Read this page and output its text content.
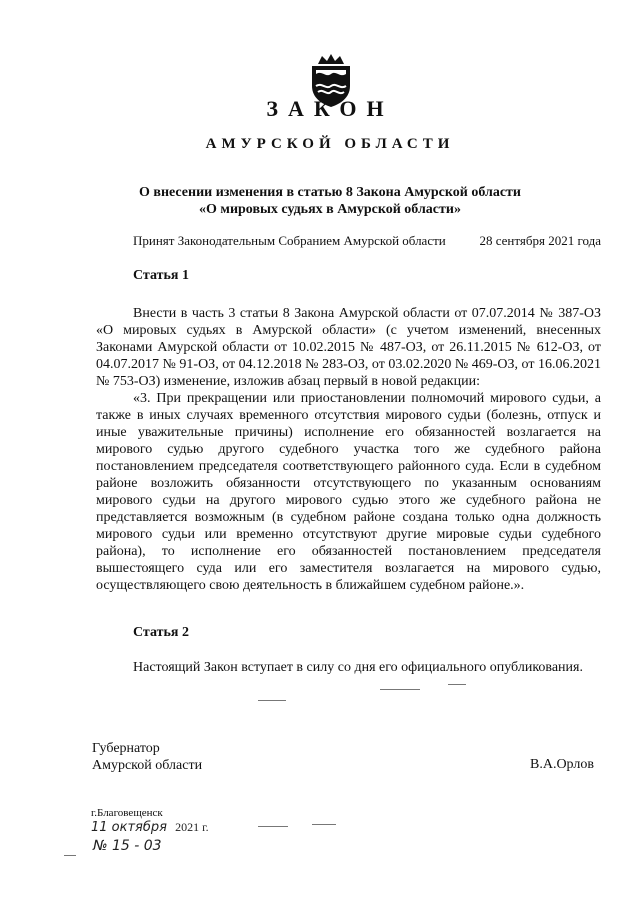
ЗАКОН
АМУРСКОЙ ОБЛАСТИ
О внесении изменения в статью 8 Закона Амурской области
«О мировых судьях в Амурской области»
Принят Законодательным Собранием Амурской области	28 сентября 2021 года
Статья 1

Внести в часть 3 статьи 8 Закона Амурской области от 07.07.2014 № 387-ОЗ «О мировых судьях в Амурской области» (с учетом изменений, внесенных Законами Амурской области от 10.02.2015 № 487-ОЗ, от 26.11.2015 № 612-ОЗ, от 04.07.2017 № 91-ОЗ, от 04.12.2018 № 283-ОЗ, от 03.02.2020 № 469-ОЗ, от 16.06.2021 № 753-ОЗ) изменение, изложив абзац первый в новой редакции:

«3. При прекращении или приостановлении полномочий мирового судьи, а также в иных случаях временного отсутствия мирового судьи (болезнь, отпуск и иные уважительные причины) исполнение его обязанностей возлагается на мирового судью другого судебного участка того же судебного района постановлением председателя соответствующего районного суда. Если в судебном районе возложить обязанности отсутствующего по указанным основаниям мирового судьи на другого мирового судью этого же судебного района не представляется возможным (в судебном районе создана только одна должность мирового судьи или временно отсутствуют другие мировые судьи судебного района), то исполнение его обязанностей постановлением председателя вышестоящего суда или его заместителя возлагается на мирового судью, осуществляющего свою деятельность в ближайшем судебном районе.».

Статья 2

Настоящий Закон вступает в силу со дня его официального опубликования.

Губернатор
Амурской области	В.А.Орлов
г.Благовещенск
11 октября 2021 г.
№ 15 - 03
